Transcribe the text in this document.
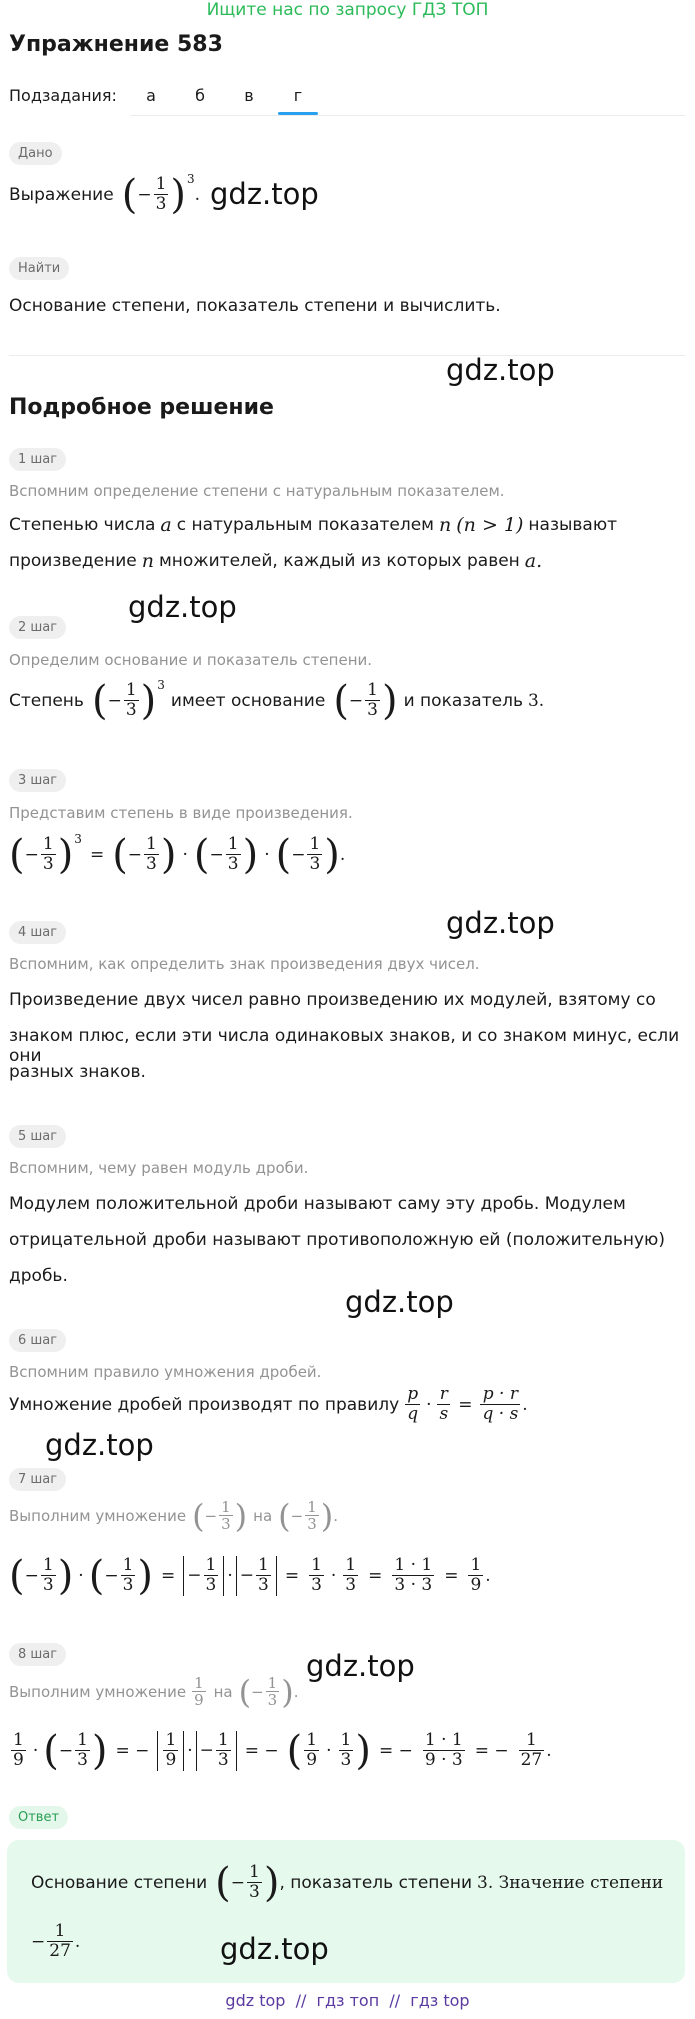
Ищите нас по запросу ГДЗ ТОП
Упражнение 583
Подзадания:	а	б	в	г
Дано
Выражение ( − $\frac{1}{3}$ ) 3
. gdz.top
Найти
Основание степени, показатель степени и вычислить.
gdz.top
Подробное решение
1 шаг
Вспомним определение степени с натуральным показателем.
Степенью числа a с натуральным показателем n (n > 1) называют
произведение n множителей, каждый из которых равен a.
gdz.top
2 шаг
Определим основание и показатель степени.
Степень ( − $\frac{1}{3}$ ) 3
имеет основание ( − $\frac{1}{3}$ ) и показатель 3.
3 шаг
Представим степень в виде произведения.
( − $\frac{1}{3}$ ) 3
= ( − $\frac{1}{3}$ ) · ( − $\frac{1}{3}$ ) · ( − $\frac{1}{3}$ ) .
gdz.top
4 шаг
Вспомним, как определить знак произведения двух чисел.
Произведение двух чисел равно произведению их модулей, взятому со
знаком плюс, если эти числа одинаковых знаков, и со знаком минус, если они
разных знаков.
5 шаг
Вспомним, чему равен модуль дроби.
Модулем положительной дроби называют саму эту дробь. Модулем
отрицательной дроби называют противоположную ей (положительную)
дробь.
gdz.top
6 шаг
Вспомним правило умножения дробей.
Умножение дробей производят по правилу $\frac{p}{q} \cdot \frac{r}{s} = \frac{p \cdot r}{q \cdot s}$ .
gdz.top
7 шаг
Выполним умножение ( − $\frac{1}{3}$ ) на ( − $\frac{1}{3}$ ) .
( − $\frac{1}{3}$ ) · ( − $\frac{1}{3}$ ) = − $\frac{1}{3}$ · − $\frac{1}{3} = \frac{1}{3} \cdot \frac{1}{3} = \frac{1 \cdot 1}{3 \cdot 3} = \frac{1}{9}$ .
gdz.top
8 шаг
Выполним умножение $\frac{1}{9}$ на ( − $\frac{1}{3}$ ) .
$\frac{1}{9}$ · ( − $\frac{1}{3}$ ) = − $\frac{1}{9}$ · − $\frac{1}{3}$ = − ( $\frac{1}{9} \cdot \frac{1}{3}$ ) = − $\frac{1 \cdot 1}{9 \cdot 3}$ = − $\frac{1}{27}$ .
Ответ
Основание степени ( − $\frac{1}{3}$ ) , показатель степени 3. Значение степени
− $\frac{1}{27}$ .	gdz.top
gdz top  //  гдз топ  //  гдз top
